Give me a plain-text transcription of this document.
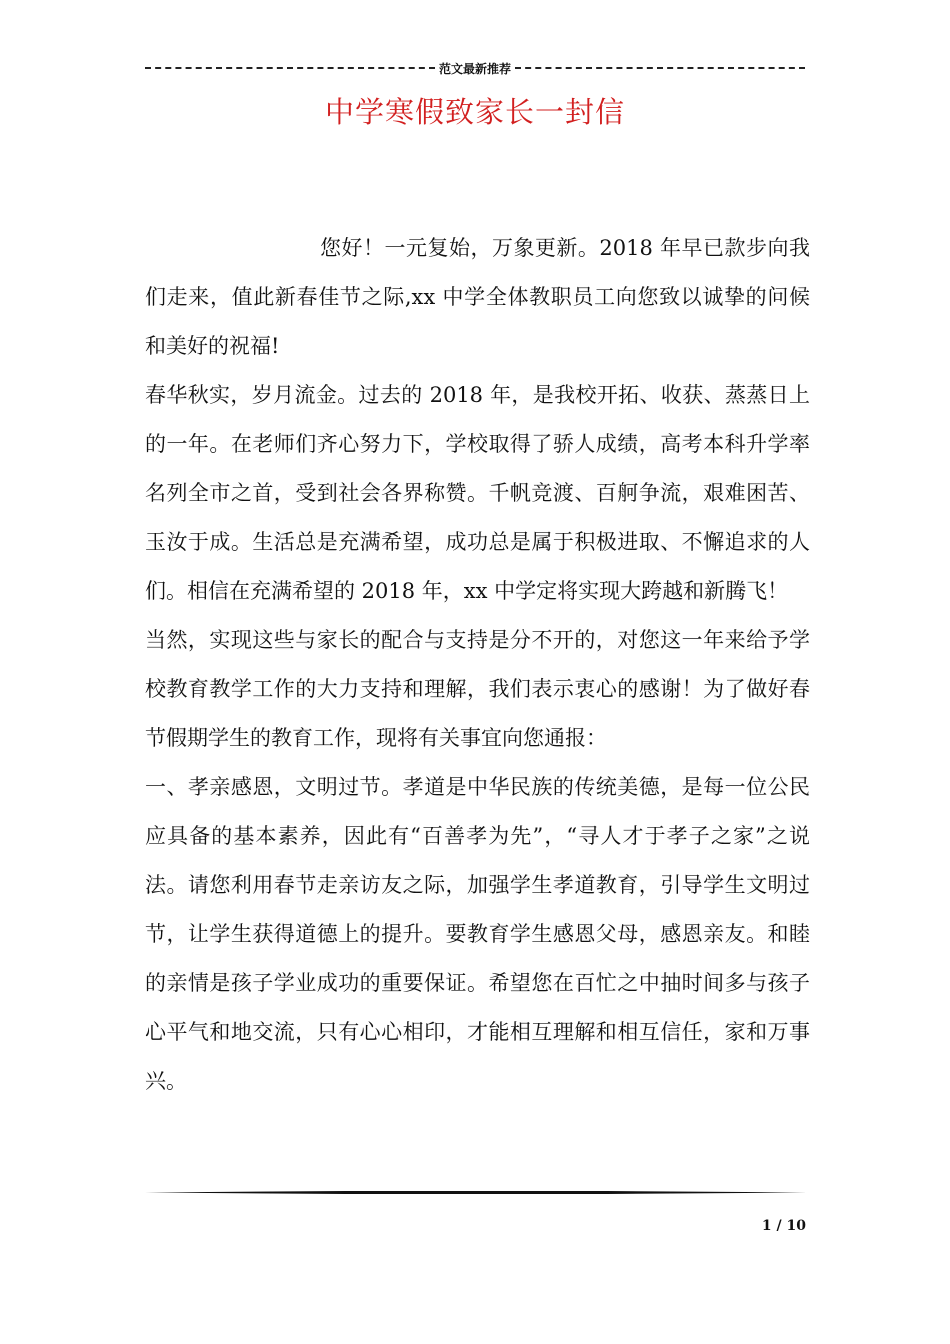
范文最新推荐
中学寒假致家长一封信

您好！一元复始，万象更新。2018 年早已款步向我们走来，值此新春佳节之际,xx 中学全体教职员工向您致以诚挚的问候和美好的祝福!

春华秋实，岁月流金。过去的 2018 年，是我校开拓、收获、蒸蒸日上的一年。在老师们齐心努力下，学校取得了骄人成绩，高考本科升学率名列全市之首，受到社会各界称赞。千帆竞渡、百舸争流，艰难困苦、玉汝于成。生活总是充满希望，成功总是属于积极进取、不懈追求的人们。相信在充满希望的 2018 年，xx 中学定将实现大跨越和新腾飞！

当然，实现这些与家长的配合与支持是分不开的，对您这一年来给予学校教育教学工作的大力支持和理解，我们表示衷心的感谢！为了做好春节假期学生的教育工作，现将有关事宜向您通报：

一、孝亲感恩，文明过节。孝道是中华民族的传统美德，是每一位公民应具备的基本素养，因此有“百善孝为先”，“寻人才于孝子之家”之说法。请您利用春节走亲访友之际，加强学生孝道教育，引导学生文明过节，让学生获得道德上的提升。要教育学生感恩父母，感恩亲友。和睦的亲情是孩子学业成功的重要保证。希望您在百忙之中抽时间多与孩子心平气和地交流，只有心心相印，才能相互理解和相互信任，家和万事兴。

1 / 10
